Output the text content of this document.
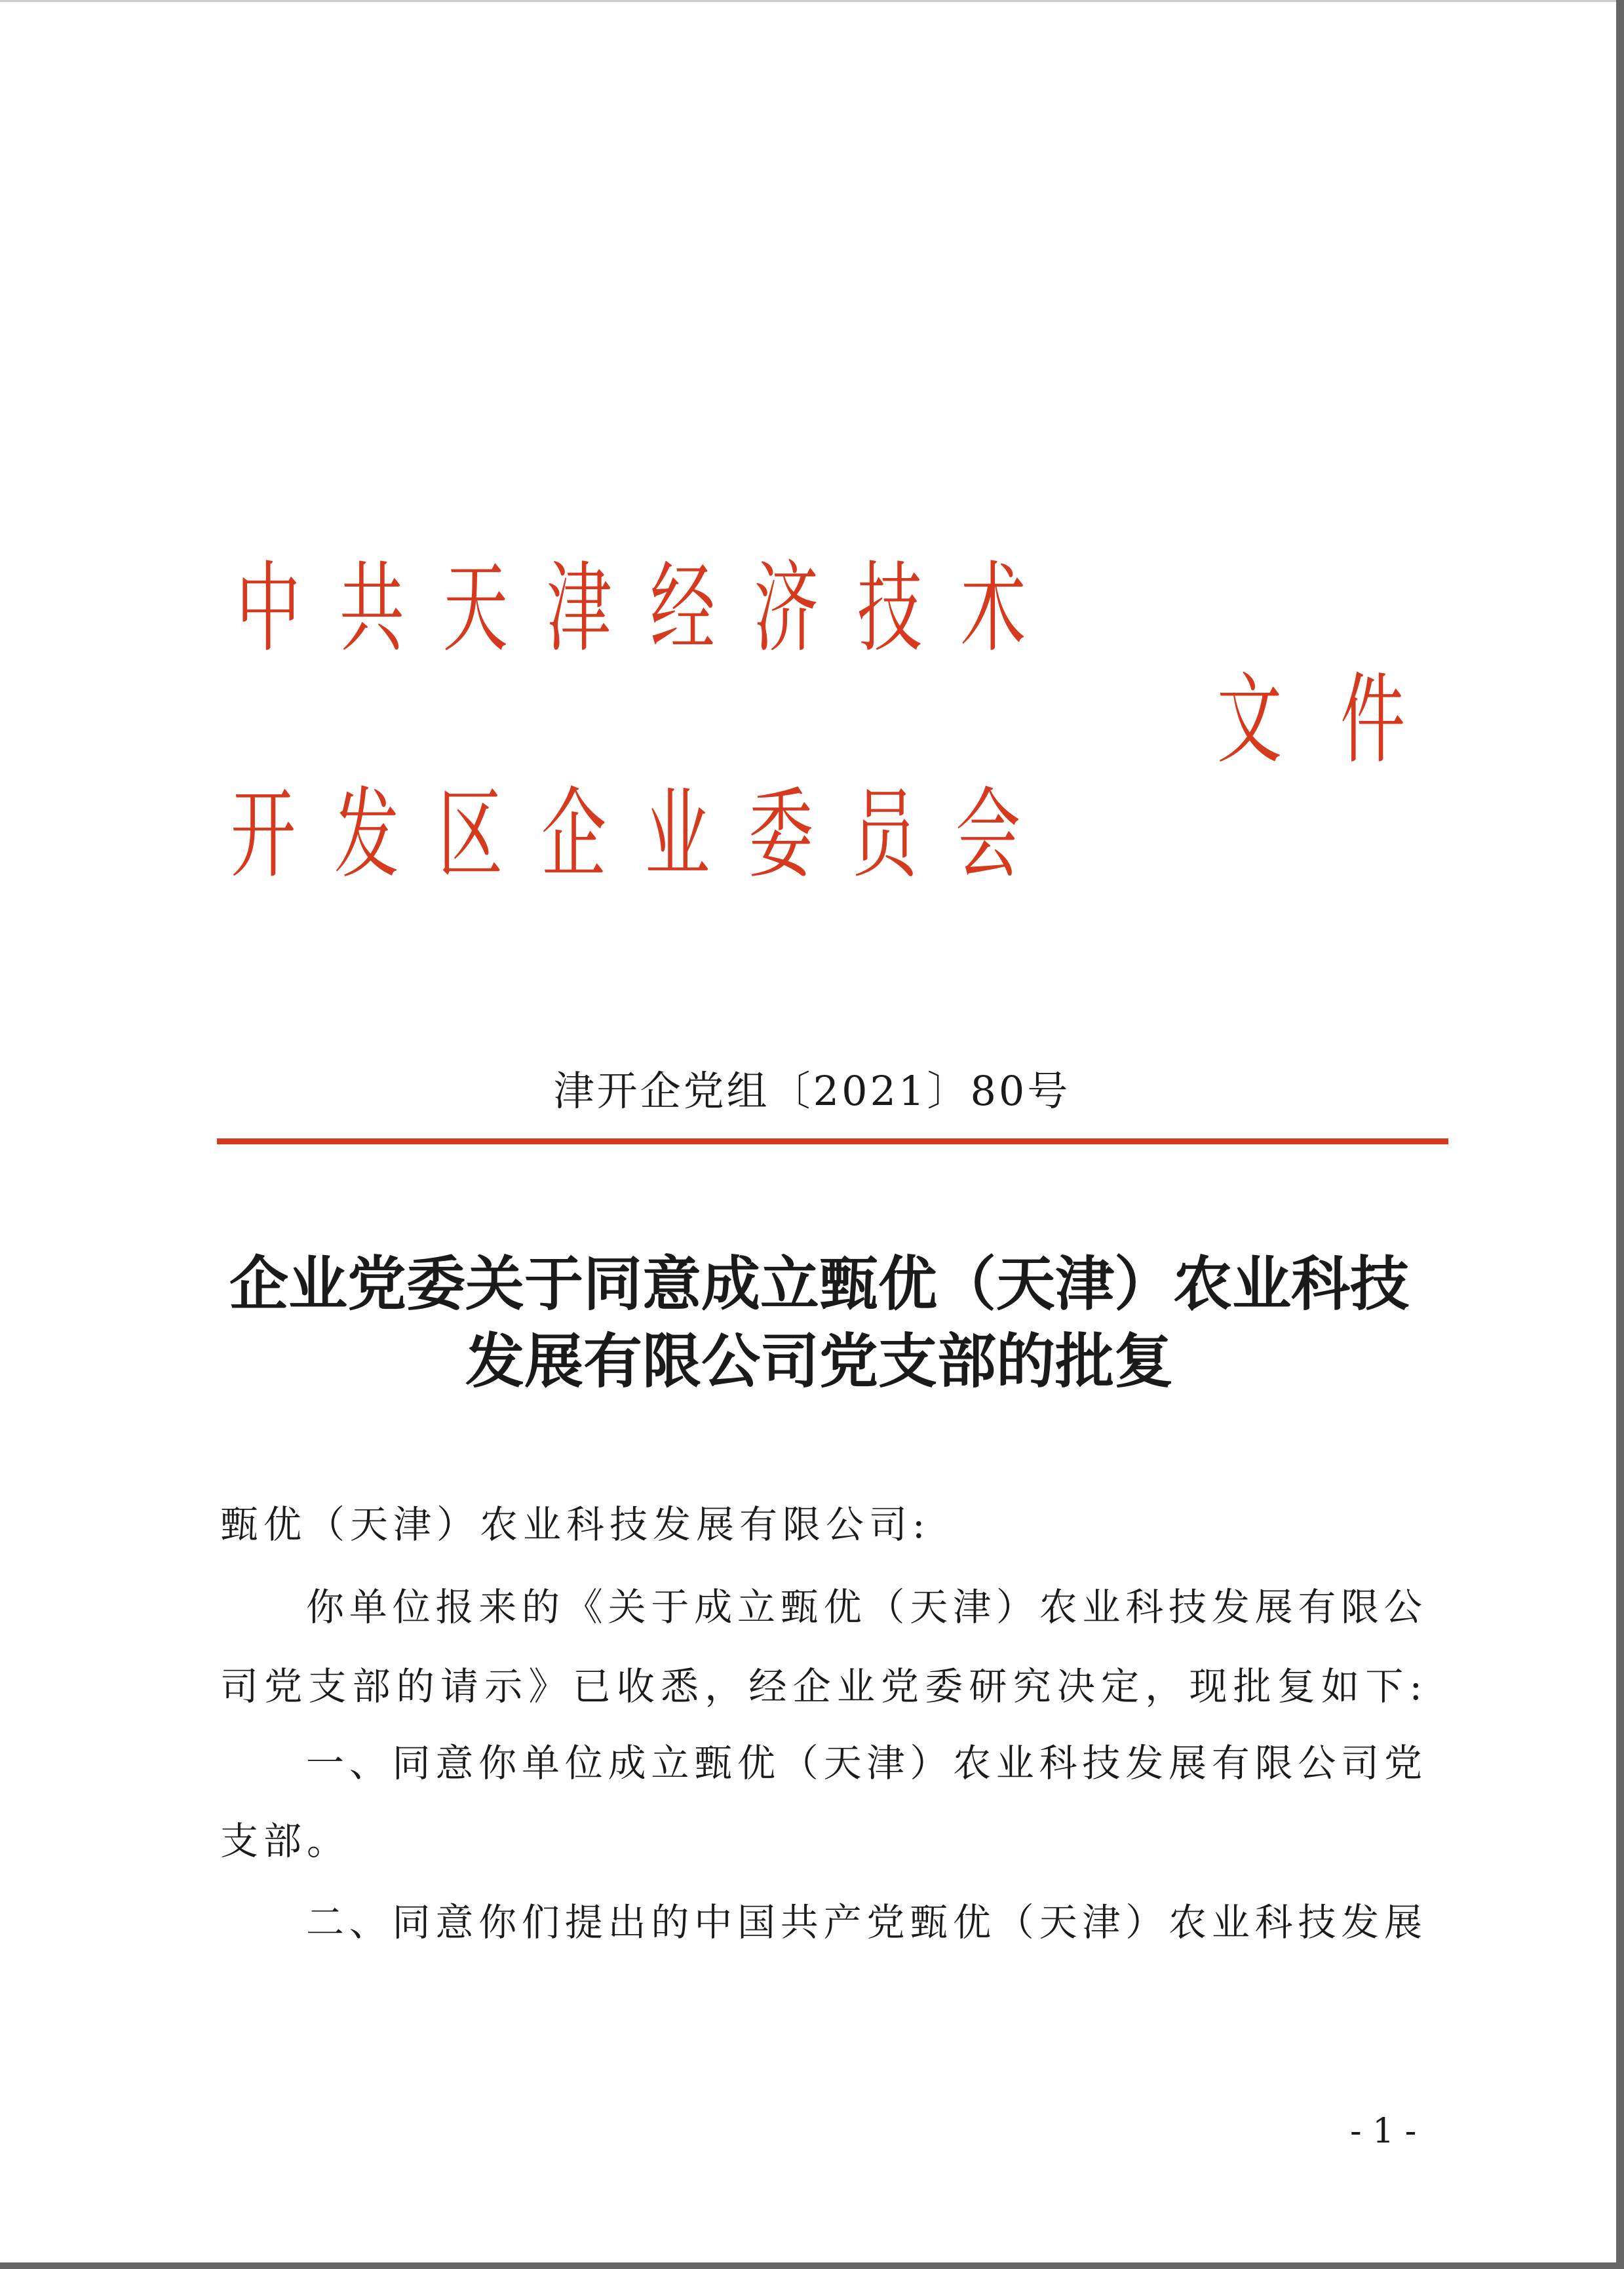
中 共 天 津 经 济 技 术
开 发 区 企 业 委 员 会
文 件
津开企党组〔2021〕80号
企业党委关于同意成立甄优（天津）农业科技
发展有限公司党支部的批复
甄优（天津）农业科技发展有限公司:
你单位报来的《关于成立甄优（天津）农业科技发展有限公
司党支部的请示》已收悉，经企业党委研究决定，现批复如下:
一、同意你单位成立甄优（天津）农业科技发展有限公司党
支部。
二、同意你们提出的中国共产党甄优（天津）农业科技发展
- 1 -
